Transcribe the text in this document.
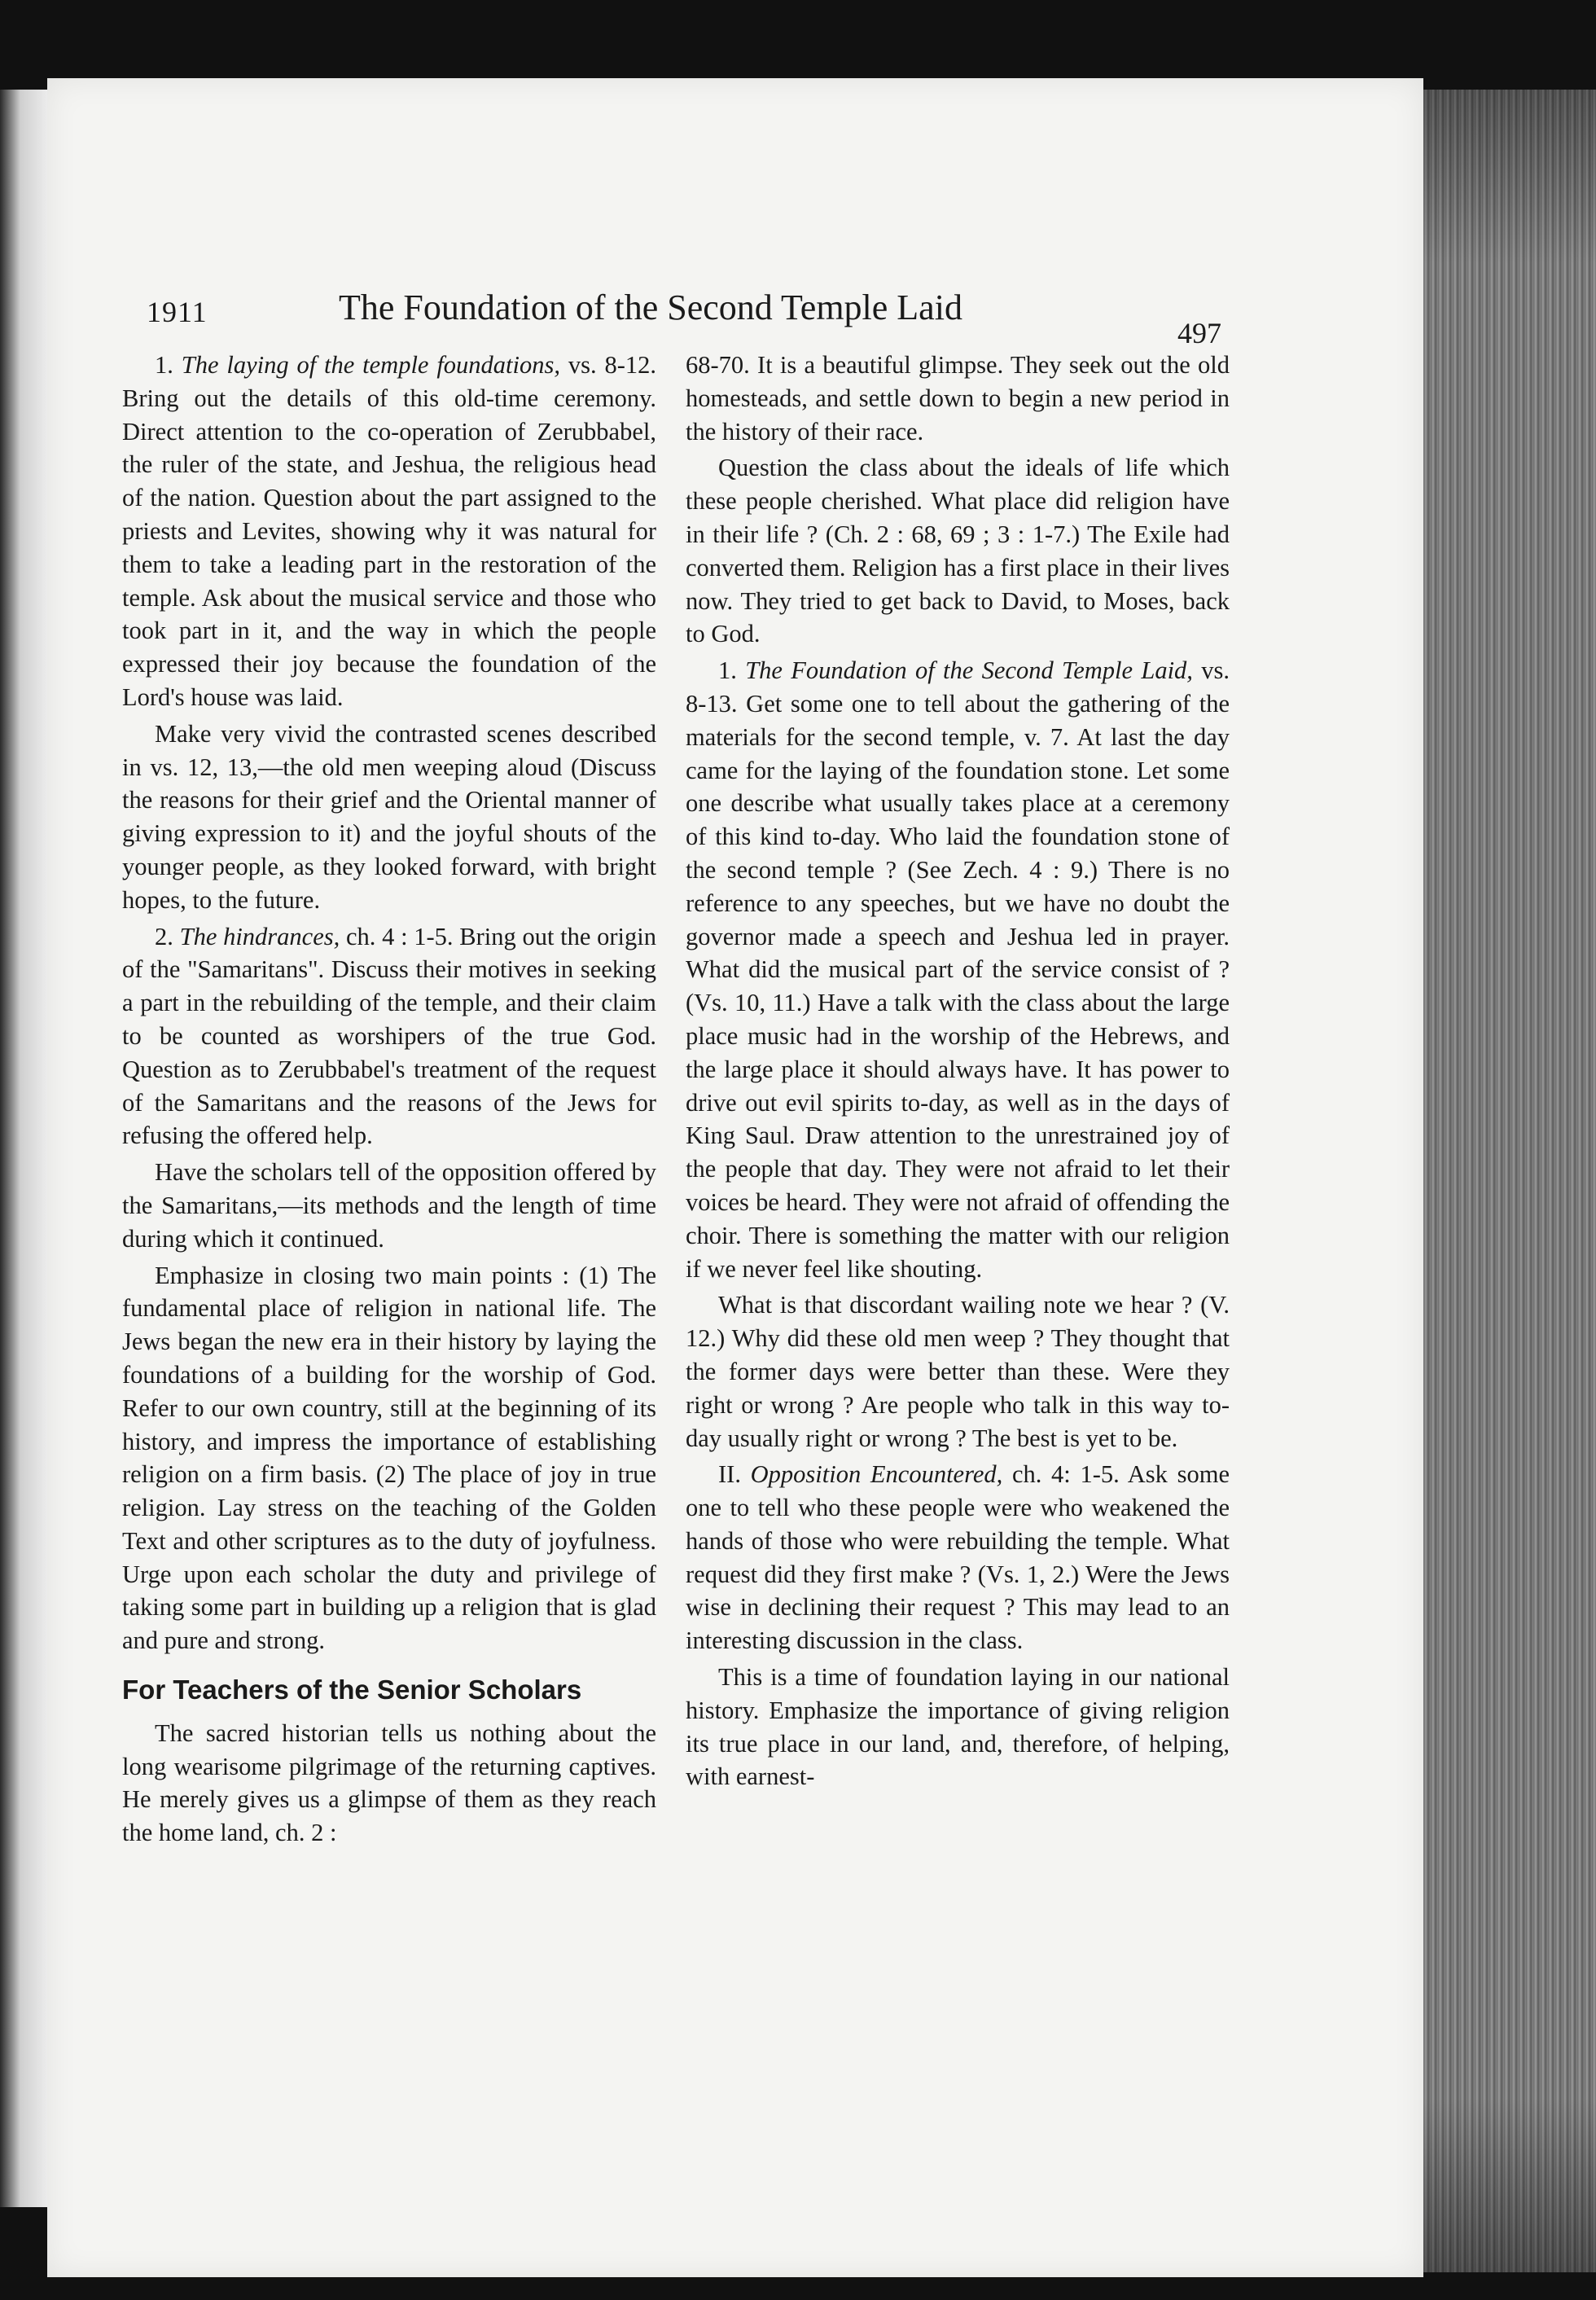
1911	The Foundation of the Second Temple Laid
497

1. The laying of the temple foundations, vs. 8-12. Bring out the details of this old-time ceremony. Direct attention to the co-operation of Zerubbabel, the ruler of the state, and Jeshua, the religious head of the nation. Question about the part assigned to the priests and Levites, showing why it was natural for them to take a leading part in the restoration of the temple. Ask about the musical service and those who took part in it, and the way in which the people expressed their joy because the foundation of the Lord's house was laid.

Make very vivid the contrasted scenes described in vs. 12, 13,—the old men weeping aloud (Discuss the reasons for their grief and the Oriental manner of giving expression to it) and the joyful shouts of the younger people, as they looked forward, with bright hopes, to the future.

2. The hindrances, ch. 4 : 1-5. Bring out the origin of the "Samaritans". Discuss their motives in seeking a part in the rebuilding of the temple, and their claim to be counted as worshipers of the true God. Question as to Zerubbabel's treatment of the request of the Samaritans and the reasons of the Jews for refusing the offered help.

Have the scholars tell of the opposition offered by the Samaritans,—its methods and the length of time during which it continued.

Emphasize in closing two main points : (1) The fundamental place of religion in national life. The Jews began the new era in their history by laying the foundations of a building for the worship of God. Refer to our own country, still at the beginning of its history, and impress the importance of establishing religion on a firm basis. (2) The place of joy in true religion. Lay stress on the teaching of the Golden Text and other scriptures as to the duty of joyfulness. Urge upon each scholar the duty and privilege of taking some part in building up a religion that is glad and pure and strong.

For Teachers of the Senior Scholars

The sacred historian tells us nothing about the long wearisome pilgrimage of the returning captives. He merely gives us a glimpse of them as they reach the home land, ch. 2 :

68-70. It is a beautiful glimpse. They seek out the old homesteads, and settle down to begin a new period in the history of their race.

Question the class about the ideals of life which these people cherished. What place did religion have in their life ? (Ch. 2 : 68, 69 ; 3 : 1-7.) The Exile had converted them. Religion has a first place in their lives now. They tried to get back to David, to Moses, back to God.

1. The Foundation of the Second Temple Laid, vs. 8-13. Get some one to tell about the gathering of the materials for the second temple, v. 7. At last the day came for the laying of the foundation stone. Let some one describe what usually takes place at a ceremony of this kind to-day. Who laid the foundation stone of the second temple ? (See Zech. 4 : 9.) There is no reference to any speeches, but we have no doubt the governor made a speech and Jeshua led in prayer. What did the musical part of the service consist of ? (Vs. 10, 11.) Have a talk with the class about the large place music had in the worship of the Hebrews, and the large place it should always have. It has power to drive out evil spirits to-day, as well as in the days of King Saul. Draw attention to the unrestrained joy of the people that day. They were not afraid to let their voices be heard. They were not afraid of offending the choir. There is something the matter with our religion if we never feel like shouting.

What is that discordant wailing note we hear ? (V. 12.) Why did these old men weep ? They thought that the former days were better than these. Were they right or wrong ? Are people who talk in this way to-day usually right or wrong ? The best is yet to be.

II. Opposition Encountered, ch. 4: 1-5. Ask some one to tell who these people were who weakened the hands of those who were rebuilding the temple. What request did they first make ? (Vs. 1, 2.) Were the Jews wise in declining their request ? This may lead to an interesting discussion in the class.

This is a time of foundation laying in our national history. Emphasize the importance of giving religion its true place in our land, and, therefore, of helping, with earnest-
